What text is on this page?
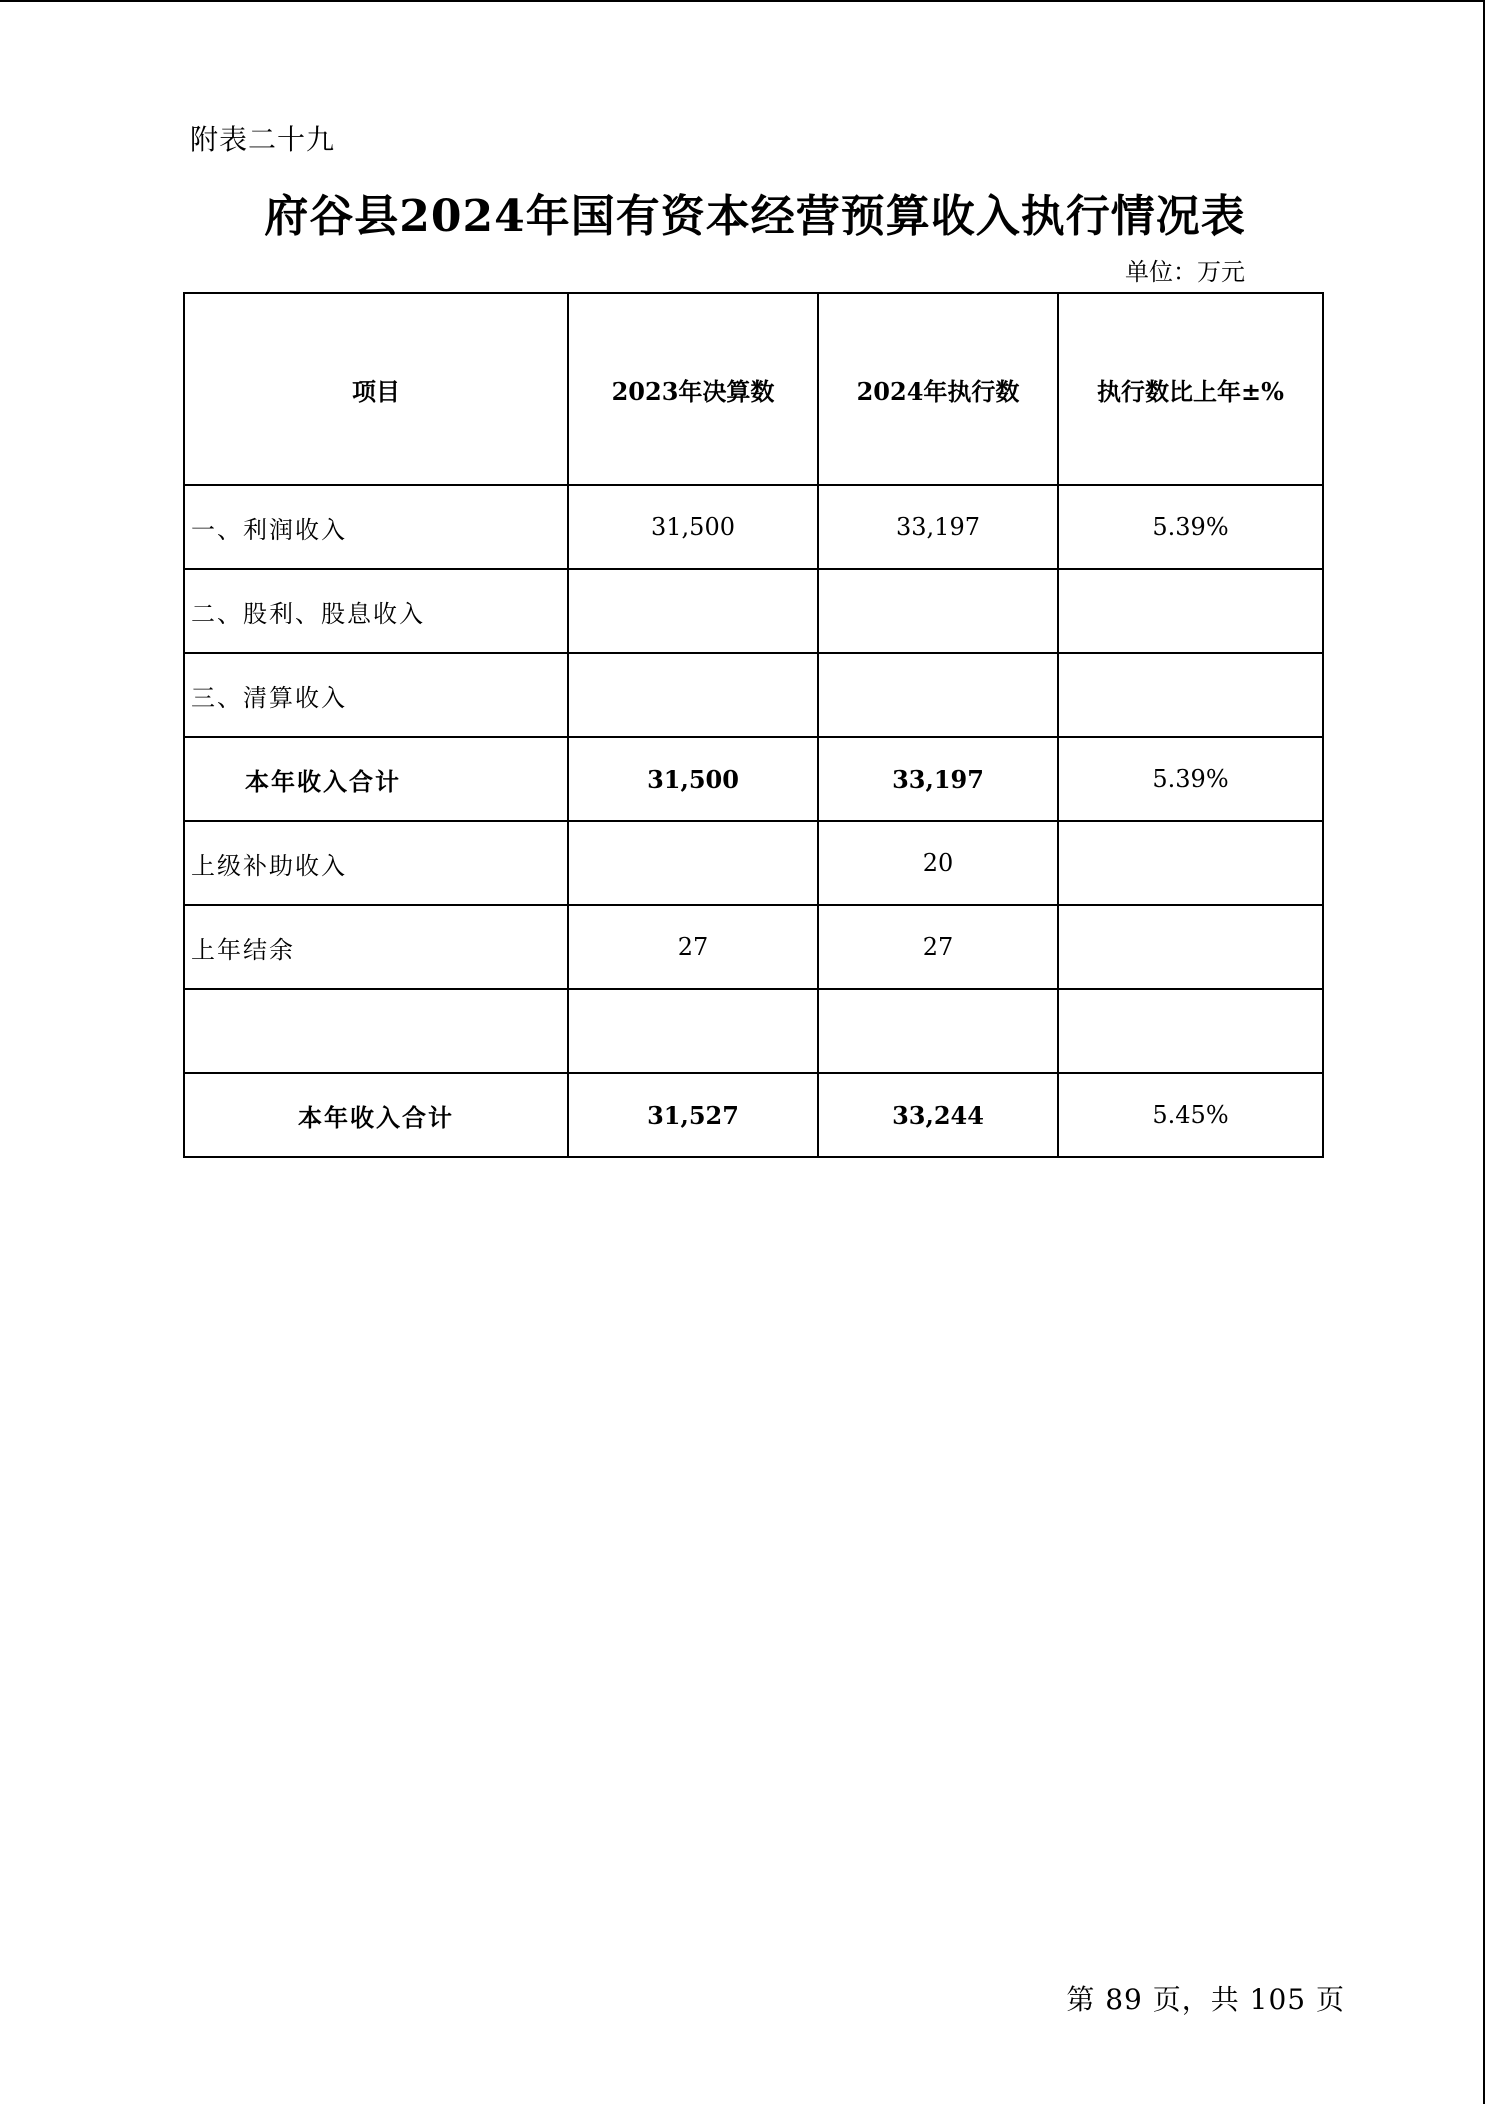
附表二十九
府谷县2024年国有资本经营预算收入执行情况表
单位：万元
项目	2023年决算数	2024年执行数	执行数比上年±%
一、利润收入	31,500	33,197	5.39%
二、股利、股息收入			
三、清算收入			
本年收入合计	31,500	33,197	5.39%
上级补助收入		20	
上年结余	27	27	

本年收入合计	31,527	33,244	5.45%
第 89 页，共 105 页
